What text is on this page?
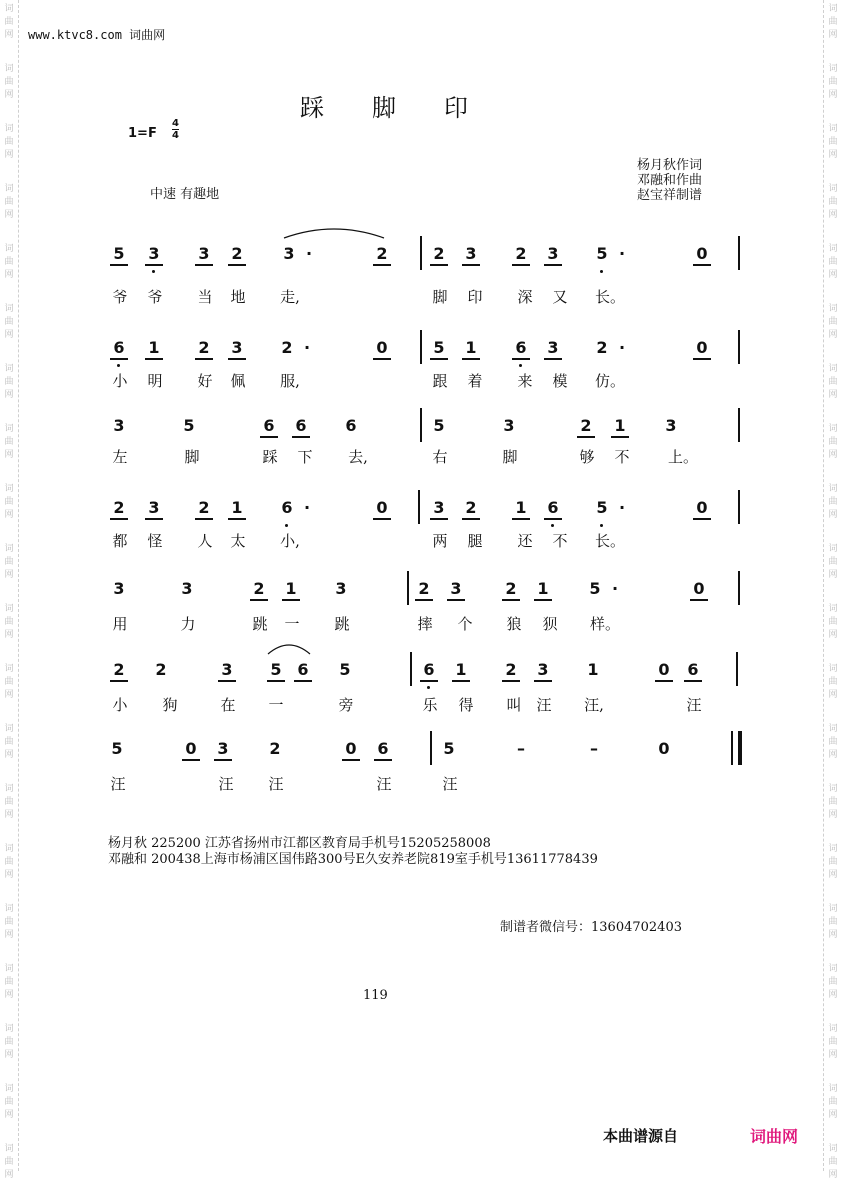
词
曲
网
词
曲
网
词
曲
网
词
曲
网
词
曲
网
词
曲
网
词
曲
网
词
曲
网
词
曲
网
词
曲
网
词
曲
网
词
曲
网
词
曲
网
词
曲
网
词
曲
网
词
曲
网
词
曲
网
词
曲
网
词
曲
网
词
曲
网
词
曲
网
词
曲
网
词
曲
网
词
曲
网
词
曲
网
词
曲
网
词
曲
网
词
曲
网
词
曲
网
词
曲
网
词
曲
网
词
曲
网
词
曲
网
词
曲
网
词
曲
网
词
曲
网
词
曲
网
词
曲
网
词
曲
网
词
曲
网
www.ktvc8.com 词曲网
踩脚印
1=F
4
4
中速 有趣地
杨月秋作词
邓融和作曲
赵宝祥制谱
5 3 3 2	3 ·	2	2 3 2 3 5 ·	0
爷 爷 当 地 走,	脚 印 深 又 长。
6 1 2 3 2 ·	0	5 1 6 3 2 ·	0
小 明 好 佩 服,	跟 着 来 模 仿。
3	5	6 6 6	5	3	2 1 3
左	脚	踩 下 去,	右	脚	够 不	上。
2 3 2 1 6 ·	0	3 2 1 6 5 ·	0
都 怪 人 太 小,	两 腿 还 不 长。
3	3	2 1 3	2 3	2 1	5 ·	0
用	力	跳 一 跳	摔 个 狼 狈 样。
2 2	3 5 6 5	6 1 2 3 1	0 6
小 狗	在 一	旁	乐 得 叫 汪 汪,	汪
5	0 3	2	0 6	5	–	–	0
汪	汪 汪	汪	汪
杨月秋 225200 江苏省扬州市江都区教育局手机号15205258008
邓融和 200438上海市杨浦区国伟路300号E久安养老院819室手机号13611778439
制谱者微信号：13604702403
119
本曲谱源自	词曲网
